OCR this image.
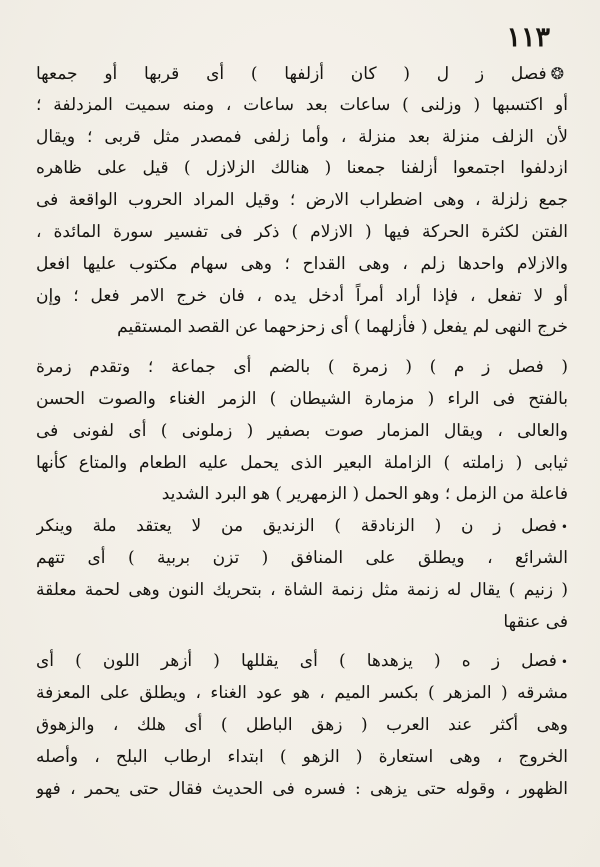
١١٣
❂فصل ز ل ( كان أزلفها ) أى قربها أو جمعها
أو اكتسبها ( وزلنى ) ساعات بعد ساعات ، ومنه سميت المزدلفة ؛
لأن الزلف منزلة بعد منزلة ، وأما زلفى فمصدر مثل قربى ؛ ويقال
ازدلفوا اجتمعوا أزلفنا جمعنا ( هنالك الزلازل ) قيل على ظاهره
جمع زلزلة ، وهى اضطراب الارض ؛ وقيل المراد الحروب الواقعة فى
الفتن لكثرة الحركة فيها ( الازلام ) ذكر فى تفسير سورة المائدة ،
والازلام واحدها زلم ، وهى القداح ؛ وهى سهام مكتوب عليها افعل
أو لا تفعل ، فإذا أراد أمراً أدخل يده ، فان خرج الامر فعل ؛ وإن
خرج النهى لم يفعل ( فأزلهما ) أى زحزحهما عن القصد المستقيم
( فصل ز م ) ( زمرة ) بالضم أى جماعة ؛ وتقدم زمرة
بالفتح فى الراء ( مزمارة الشيطان ) الزمر الغناء والصوت الحسن
والعالى ، ويقال المزمار صوت بصفير ( زملونى ) أى لفونى فى
ثيابى ( زاملته ) الزاملة البعير الذى يحمل عليه الطعام والمتاع كأنها
فاعلة من الزمل ؛ وهو الحمل ( الزمهرير ) هو البرد الشديد
•فصل ز ن ( الزنادقة ) الزنديق من لا يعتقد ملة وينكر
الشرائع ، ويطلق على المنافق ( تزن بربية ) أى تتهم
( زنيم ) يقال له زنمة مثل زنمة الشاة ، بتحريك النون وهى لحمة معلقة
فى عنقها
•فصل ز ه ( يزهدها ) أى يقللها ( أزهر اللون ) أى
مشرقه ( المزهر ) بكسر الميم ، هو عود الغناء ، ويطلق على المعزفة
وهى أكثر عند العرب ( زهق الباطل ) أى هلك ، والزهوق
الخروج ، وهى استعارة ( الزهو ) ابتداء ارطاب البلح ، وأصله
الظهور ، وقوله حتى يزهى : فسره فى الحديث فقال حتى يحمر ، فهو
